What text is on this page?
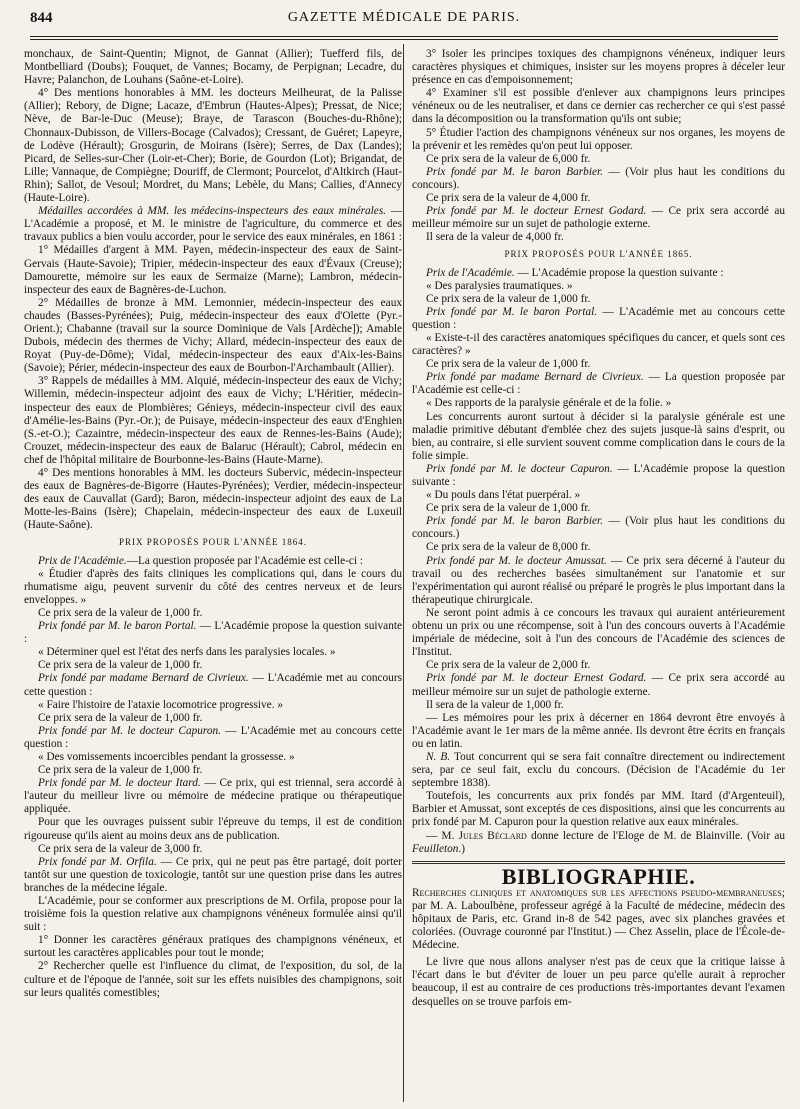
844	GAZETTE MÉDICALE DE PARIS.

monchaux, de Saint-Quentin; Mignot, de Gannat (Allier); Tuefferd fils, de Montbelliard (Doubs); Fouquet, de Vannes; Bocamy, de Perpignan; Lecadre, du Havre; Palanchon, de Louhans (Saône-et-Loire).

4° Des mentions honorables à MM. les docteurs Meilheurat, de la Palisse (Allier); Rebory, de Digne; Lacaze, d'Embrun (Hautes-Alpes); Pressat, de Nice; Nève, de Bar-le-Duc (Meuse); Braye, de Tarascon (Bouches-du-Rhône); Chonnaux-Dubisson, de Villers-Bocage (Calvados); Cressant, de Guéret; Lapeyre, de Lodève (Hérault); Grosgurin, de Moirans (Isère); Serres, de Dax (Landes); Picard, de Selles-sur-Cher (Loir-et-Cher); Borie, de Gourdon (Lot); Brigandat, de Lille; Vannaque, de Compiègne; Douriff, de Clermont; Pourcelot, d'Altkirch (Haut-Rhin); Sallot, de Vesoul; Mordret, du Mans; Lebèle, du Mans; Callies, d'Annecy (Haute-Loire).

Médailles accordées à MM. les médecins-inspecteurs des eaux minérales. — L'Académie a proposé, et M. le ministre de l'agriculture, du commerce et des travaux publics a bien voulu accorder, pour le service des eaux minérales, en 1861 :

1° Médailles d'argent à MM. Payen, médecin-inspecteur des eaux de Saint-Gervais (Haute-Savoie); Tripier, médecin-inspecteur des eaux d'Évaux (Creuse); Damourette, mémoire sur les eaux de Sermaize (Marne); Lambron, médecin-inspecteur des eaux de Bagnères-de-Luchon.

2° Médailles de bronze à MM. Lemonnier, médecin-inspecteur des eaux chaudes (Basses-Pyrénées); Puig, médecin-inspecteur des eaux d'Olette (Pyr.-Orient.); Chabanne (travail sur la source Dominique de Vals [Ardèche]); Amable Dubois, médecin des thermes de Vichy; Allard, médecin-inspecteur des eaux de Royat (Puy-de-Dôme); Vidal, médecin-inspecteur des eaux d'Aix-les-Bains (Savoie); Périer, médecin-inspecteur des eaux de Bourbon-l'Archambault (Allier).

3° Rappels de médailles à MM. Alquié, médecin-inspecteur des eaux de Vichy; Willemin, médecin-inspecteur adjoint des eaux de Vichy; L'Héritier, médecin-inspecteur des eaux de Plombières; Génieys, médecin-inspecteur civil des eaux d'Amélie-les-Bains (Pyr.-Or.); de Puisaye, médecin-inspecteur des eaux d'Enghien (S.-et-O.); Cazaintre, médecin-inspecteur des eaux de Rennes-les-Bains (Aude); Crouzet, médecin-inspecteur des eaux de Balaruc (Hérault); Cabrol, médecin en chef de l'hôpital militaire de Bourbonne-les-Bains (Haute-Marne).

4° Des mentions honorables à MM. les docteurs Subervic, médecin-inspecteur des eaux de Bagnères-de-Bigorre (Hautes-Pyrénées); Verdier, médecin-inspecteur des eaux de Cauvallat (Gard); Baron, médecin-inspecteur adjoint des eaux de La Motte-les-Bains (Isère); Chapelain, médecin-inspecteur des eaux de Luxeuil (Haute-Saône).

PRIX PROPOSÉS POUR L'ANNÉE 1864.

Prix de l'Académie.—La question proposée par l'Académie est celle-ci :

« Étudier d'après des faits cliniques les complications qui, dans le cours du rhumatisme aigu, peuvent survenir du côté des centres nerveux et de leurs enveloppes. »

Ce prix sera de la valeur de 1,000 fr.

Prix fondé par M. le baron Portal. — L'Académie propose la question suivante :

« Déterminer quel est l'état des nerfs dans les paralysies locales. »

Ce prix sera de la valeur de 1,000 fr.

Prix fondé par madame Bernard de Civrieux. — L'Académie met au concours cette question :

« Faire l'histoire de l'ataxie locomotrice progressive. »

Ce prix sera de la valeur de 1,000 fr.

Prix fondé par M. le docteur Capuron. — L'Académie met au concours cette question :

« Des vomissements incoercibles pendant la grossesse. »

Ce prix sera de la valeur de 1,000 fr.

Prix fondé par M. le docteur Itard. — Ce prix, qui est triennal, sera accordé à l'auteur du meilleur livre ou mémoire de médecine pratique ou thérapeutique appliquée.

Pour que les ouvrages puissent subir l'épreuve du temps, il est de condition rigoureuse qu'ils aient au moins deux ans de publication.

Ce prix sera de la valeur de 3,000 fr.

Prix fondé par M. Orfila. — Ce prix, qui ne peut pas être partagé, doit porter tantôt sur une question de toxicologie, tantôt sur une question prise dans les autres branches de la médecine légale.

L'Académie, pour se conformer aux prescriptions de M. Orfila, propose pour la troisième fois la question relative aux champignons vénéneux formulée ainsi qu'il suit :

1° Donner les caractères généraux pratiques des champignons vénéneux, et surtout les caractères applicables pour tout le monde;

2° Rechercher quelle est l'influence du climat, de l'exposition, du sol, de la culture et de l'époque de l'année, soit sur les effets nuisibles des champignons, soit sur leurs qualités comestibles;

3° Isoler les principes toxiques des champignons vénéneux, indiquer leurs caractères physiques et chimiques, insister sur les moyens propres à déceler leur présence en cas d'empoisonnement;

4° Examiner s'il est possible d'enlever aux champignons leurs principes vénéneux ou de les neutraliser, et dans ce dernier cas rechercher ce qui s'est passé dans la décomposition ou la transformation qu'ils ont subie;

5° Étudier l'action des champignons vénéneux sur nos organes, les moyens de la prévenir et les remèdes qu'on peut lui opposer.

Ce prix sera de la valeur de 6,000 fr.

Prix fondé par M. le baron Barbier. — (Voir plus haut les conditions du concours).

Ce prix sera de la valeur de 4,000 fr.

Prix fondé par M. le docteur Ernest Godard. — Ce prix sera accordé au meilleur mémoire sur un sujet de pathologie externe.

Il sera de la valeur de 4,000 fr.

PRIX PROPOSÉS POUR L'ANNÉE 1865.

Prix de l'Académie. — L'Académie propose la question suivante :

« Des paralysies traumatiques. »

Ce prix sera de la valeur de 1,000 fr.

Prix fondé par M. le baron Portal. — L'Académie met au concours cette question :

« Existe-t-il des caractères anatomiques spécifiques du cancer, et quels sont ces caractères? »

Ce prix sera de la valeur de 1,000 fr.

Prix fondé par madame Bernard de Civrieux. — La question proposée par l'Académie est celle-ci :

« Des rapports de la paralysie générale et de la folie. »

Les concurrents auront surtout à décider si la paralysie générale est une maladie primitive débutant d'emblée chez des sujets jusque-là sains d'esprit, ou bien, au contraire, si elle survient souvent comme complication dans le cours de la folie simple.

Prix fondé par M. le docteur Capuron. — L'Académie propose la question suivante :

« Du pouls dans l'état puerpéral. »

Ce prix sera de la valeur de 1,000 fr.

Prix fondé par M. le baron Barbier. — (Voir plus haut les conditions du concours.)

Ce prix sera de la valeur de 8,000 fr.

Prix fondé par M. le docteur Amussat. — Ce prix sera décerné à l'auteur du travail ou des recherches basées simultanément sur l'anatomie et sur l'expérimentation qui auront réalisé ou préparé le progrès le plus important dans la thérapeutique chirurgicale.

Ne seront point admis à ce concours les travaux qui auraient antérieurement obtenu un prix ou une récompense, soit à l'un des concours ouverts à l'Académie impériale de médecine, soit à l'un des concours de l'Académie des sciences de l'Institut.

Ce prix sera de la valeur de 2,000 fr.

Prix fondé par M. le docteur Ernest Godard. — Ce prix sera accordé au meilleur mémoire sur un sujet de pathologie externe.

Il sera de la valeur de 1,000 fr.

— Les mémoires pour les prix à décerner en 1864 devront être envoyés à l'Académie avant le 1er mars de la même année. Ils devront être écrits en français ou en latin.

N. B. Tout concurrent qui se sera fait connaître directement ou indirectement sera, par ce seul fait, exclu du concours. (Décision de l'Académie du 1er septembre 1838).

Toutefois, les concurrents aux prix fondés par MM. Itard (d'Argenteuil), Barbier et Amussat, sont exceptés de ces dispositions, ainsi que les concurrents au prix fondé par M. Capuron pour la question relative aux eaux minérales.

— M. Jules Béclard donne lecture de l'Eloge de M. de Blainville. (Voir au Feuilleton.)

BIBLIOGRAPHIE.

Recherches cliniques et anatomiques sur les affections pseudo-membraneuses; par M. A. Laboulbène, professeur agrégé à la Faculté de médecine, médecin des hôpitaux de Paris, etc. Grand in-8 de 542 pages, avec six planches gravées et coloriées. (Ouvrage couronné par l'Institut.) — Chez Asselin, place de l'École-de-Médecine.

Le livre que nous allons analyser n'est pas de ceux que la critique laisse à l'écart dans le but d'éviter de louer un peu parce qu'elle aurait à reprocher beaucoup, il est au contraire de ces productions très-importantes devant l'examen desquelles on se trouve parfois em-
